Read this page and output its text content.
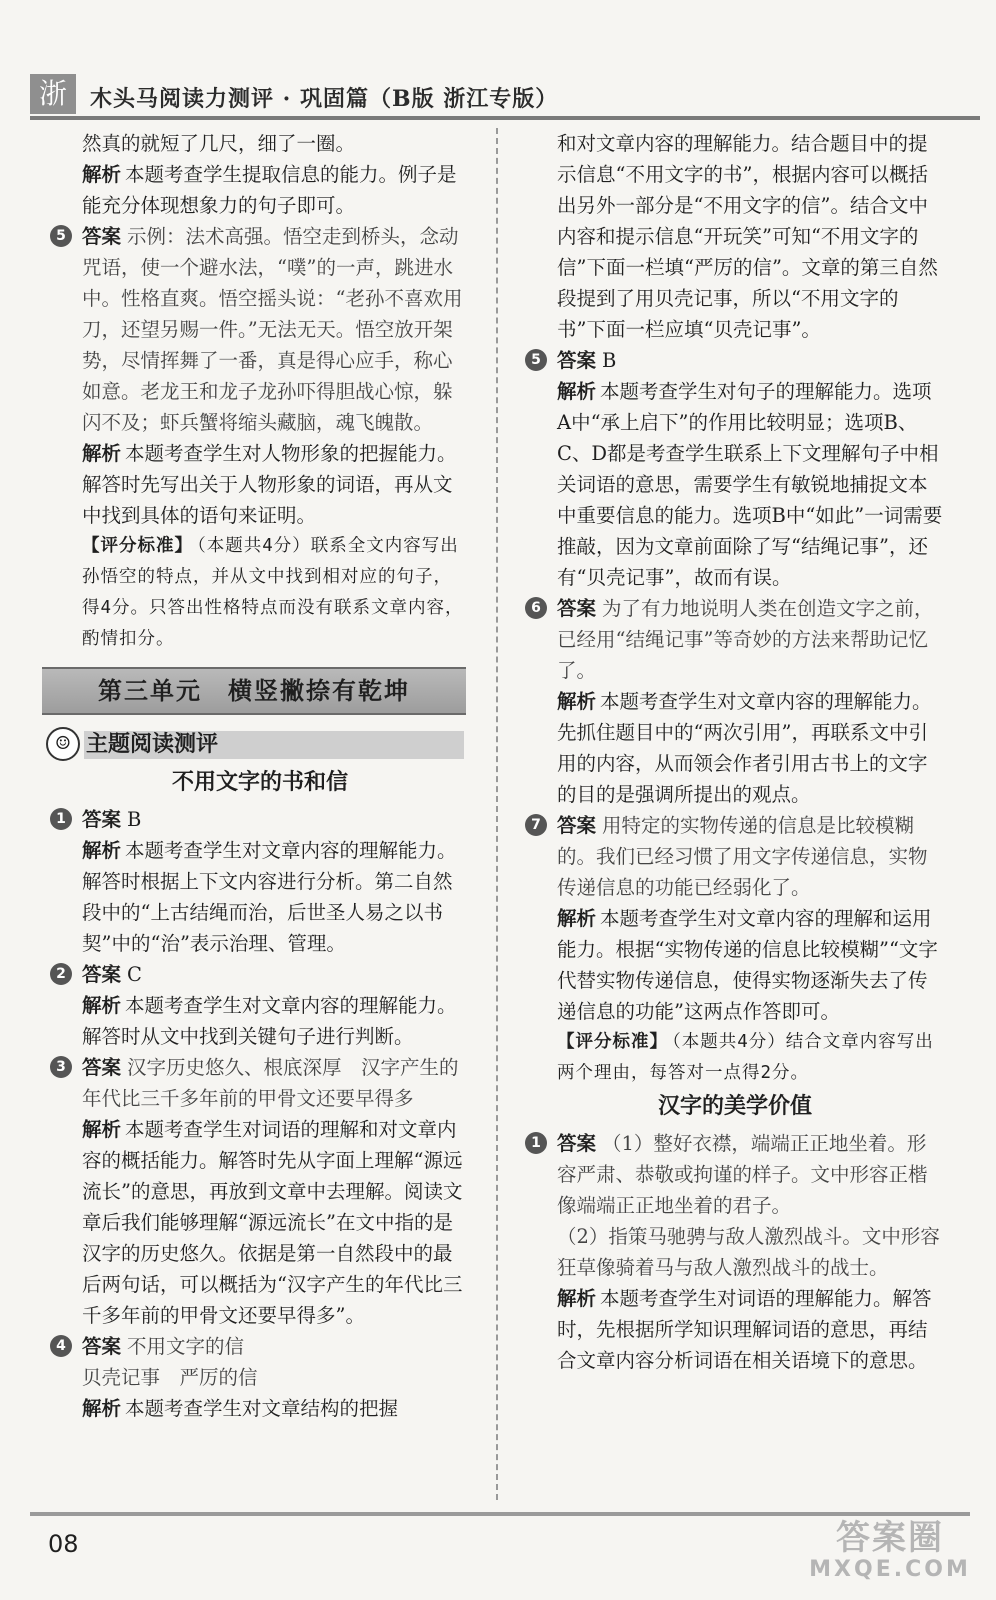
浙	木头马阅读力测评 · 巩固篇（B版 浙江专版）
然真的就短了几尺，细了一圈。
解析 本题考查学生提取信息的能力。例子是能充分体现想象力的句子即可。
5 答案 示例：法术高强。悟空走到桥头，念动咒语，使一个避水法，“噗”的一声，跳进水中。性格直爽。悟空摇头说：“老孙不喜欢用刀，还望另赐一件。”无法无天。悟空放开架势，尽情挥舞了一番，真是得心应手，称心如意。老龙王和龙子龙孙吓得胆战心惊，躲闪不及；虾兵蟹将缩头藏脑，魂飞魄散。
解析 本题考查学生对人物形象的把握能力。解答时先写出关于人物形象的词语，再从文中找到具体的语句来证明。
【评分标准】 （本题共4分）联系全文内容写出孙悟空的特点，并从文中找到相对应的句子，得4分。只答出性格特点而没有联系文章内容，酌情扣分。
第三单元　横竖撇捺有乾坤
☺ 主题阅读测评
不用文字的书和信
1 答案 B
解析 本题考查学生对文章内容的理解能力。解答时根据上下文内容进行分析。第二自然段中的“上古结绳而治，后世圣人易之以书契”中的“治”表示治理、管理。
2 答案 C
解析 本题考查学生对文章内容的理解能力。解答时从文中找到关键句子进行判断。
3 答案 汉字历史悠久、根底深厚　汉字产生的年代比三千多年前的甲骨文还要早得多
解析 本题考查学生对词语的理解和对文章内容的概括能力。解答时先从字面上理解“源远流长”的意思，再放到文章中去理解。阅读文章后我们能够理解“源远流长”在文中指的是汉字的历史悠久。依据是第一自然段中的最后两句话，可以概括为“汉字产生的年代比三千多年前的甲骨文还要早得多”。
4 答案 不用文字的信
贝壳记事　严厉的信
解析 本题考查学生对文章结构的把握
和对文章内容的理解能力。结合题目中的提示信息“不用文字的书”，根据内容可以概括出另外一部分是“不用文字的信”。结合文中内容和提示信息“开玩笑”可知“不用文字的信”下面一栏填“严厉的信”。文章的第三自然段提到了用贝壳记事，所以“不用文字的书”下面一栏应填“贝壳记事”。
5 答案 B
解析 本题考查学生对句子的理解能力。选项A中“承上启下”的作用比较明显；选项B、C、D都是考查学生联系上下文理解句子中相关词语的意思，需要学生有敏锐地捕捉文本中重要信息的能力。选项B中“如此”一词需要推敲，因为文章前面除了写“结绳记事”，还有“贝壳记事”，故而有误。
6 答案 为了有力地说明人类在创造文字之前，已经用“结绳记事”等奇妙的方法来帮助记忆了。
解析 本题考查学生对文章内容的理解能力。先抓住题目中的“两次引用”，再联系文中引用的内容，从而领会作者引用古书上的文字的目的是强调所提出的观点。
7 答案 用特定的实物传递的信息是比较模糊的。我们已经习惯了用文字传递信息，实物传递信息的功能已经弱化了。
解析 本题考查学生对文章内容的理解和运用能力。根据“实物传递的信息比较模糊”“文字代替实物传递信息，使得实物逐渐失去了传递信息的功能”这两点作答即可。
【评分标准】 （本题共4分）结合文章内容写出两个理由，每答对一点得2分。
汉字的美学价值
1 答案 （1）整好衣襟，端端正正地坐着。形容严肃、恭敬或拘谨的样子。文中形容正楷像端端正正地坐着的君子。
（2）指策马驰骋与敌人激烈战斗。文中形容狂草像骑着马与敌人激烈战斗的战士。
解析 本题考查学生对词语的理解能力。解答时，先根据所学知识理解词语的意思，再结合文章内容分析词语在相关语境下的意思。
08	答案圈
MXQE.COM
